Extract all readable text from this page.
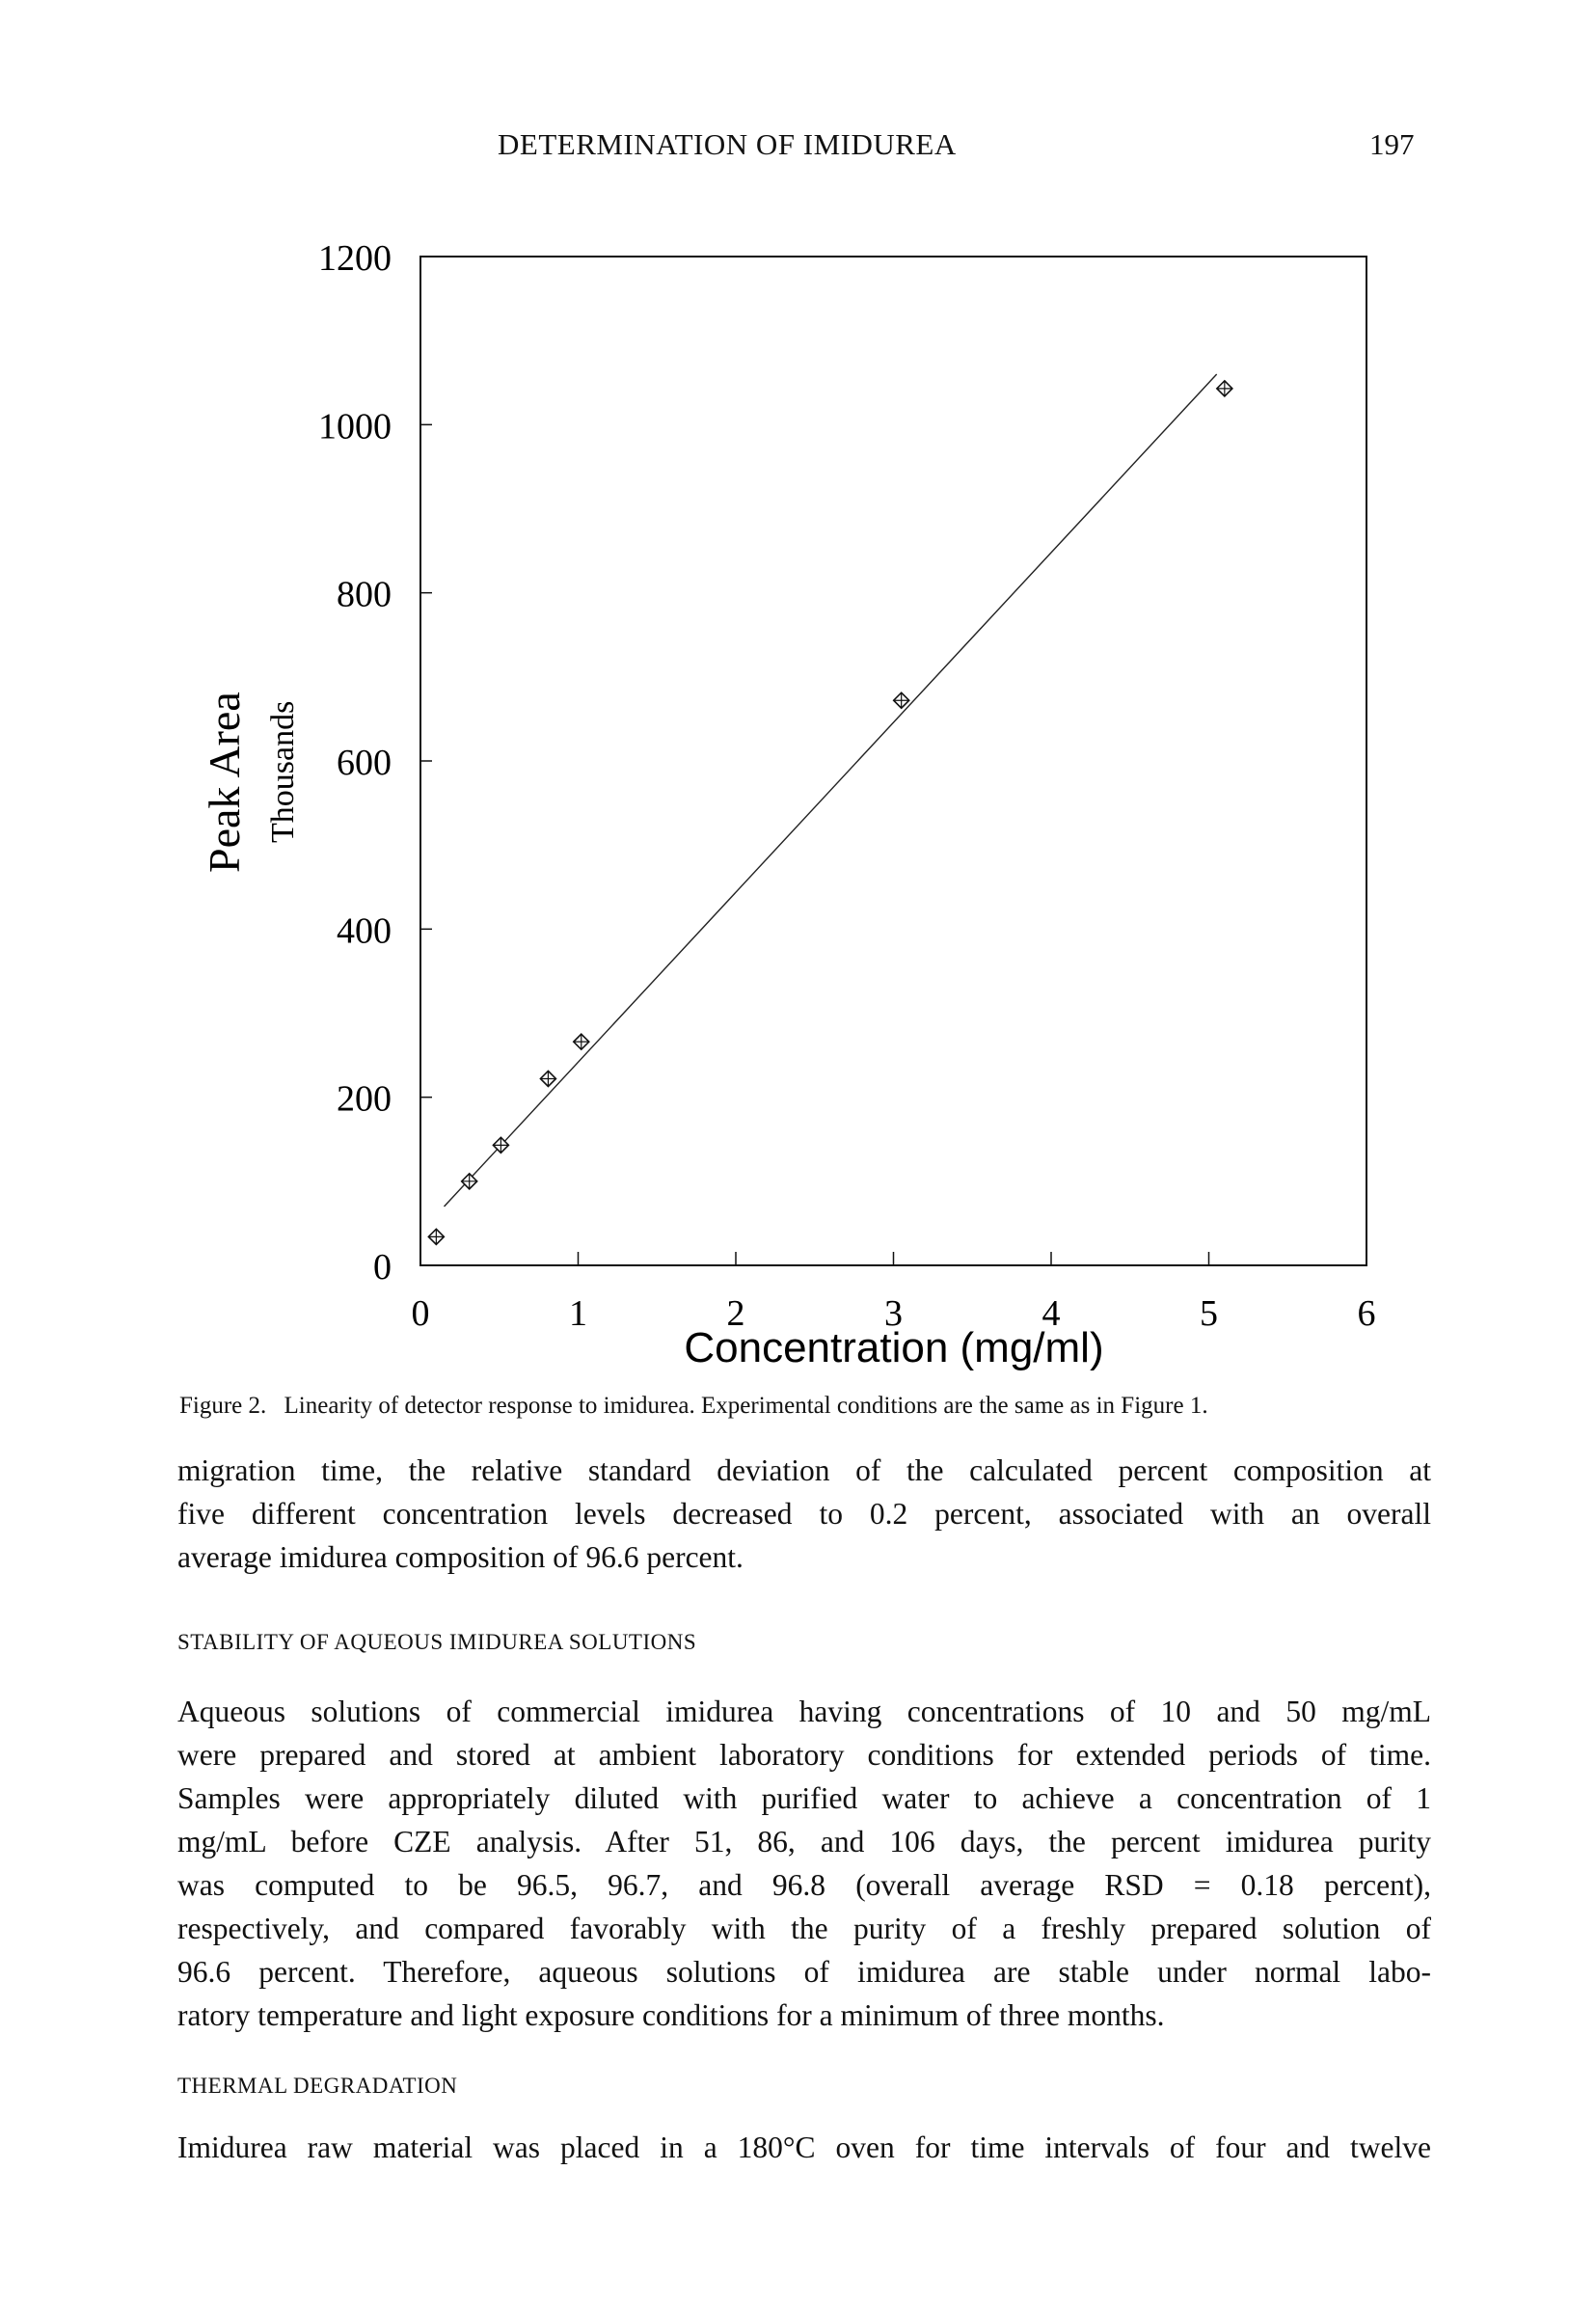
DETERMINATION OF IMIDUREA	197
0
200
400
600
800
1000
1200
0	1	2	3	4	5	6
Peak Area Thousands
Concentration (mg/ml)
Figure 2. Linearity of detector response to imidurea. Experimental conditions are the same as in Figure 1.
migration time, the relative standard deviation of the calculated percent composition at
five different concentration levels decreased to 0.2 percent, associated with an overall
average imidurea composition of 96.6 percent.
STABILITY OF AQUEOUS IMIDUREA SOLUTIONS
Aqueous solutions of commercial imidurea having concentrations of 10 and 50 mg/mL
were prepared and stored at ambient laboratory conditions for extended periods of time.
Samples were appropriately diluted with purified water to achieve a concentration of 1
mg/mL before CZE analysis. After 51, 86, and 106 days, the percent imidurea purity
was computed to be 96.5, 96.7, and 96.8 (overall average RSD = 0.18 percent),
respectively, and compared favorably with the purity of a freshly prepared solution of
96.6 percent. Therefore, aqueous solutions of imidurea are stable under normal labo-
ratory temperature and light exposure conditions for a minimum of three months.
THERMAL DEGRADATION
Imidurea raw material was placed in a 180°C oven for time intervals of four and twelve
